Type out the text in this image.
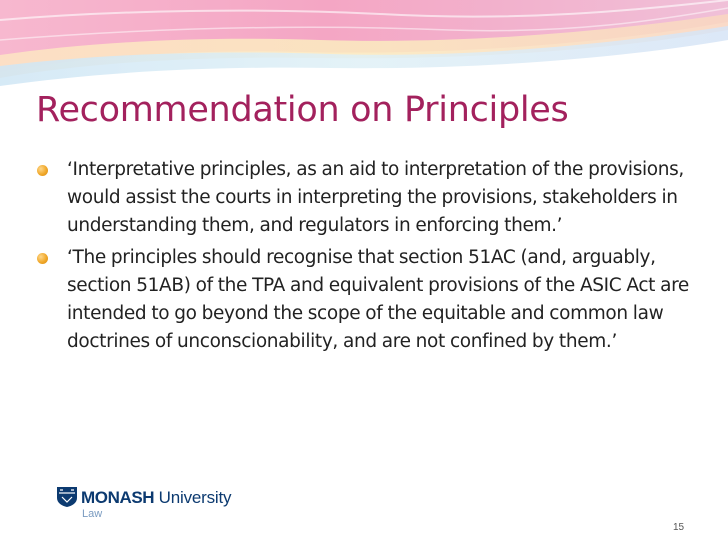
Recommendation on Principles
‘Interpretative principles, as an aid to interpretation of the provisions, would assist the courts in interpreting the provisions, stakeholders in understanding them, and regulators in enforcing them.’
‘The principles should recognise that section 51AC (and, arguably, section 51AB) of the TPA and equivalent provisions of the ASIC Act are intended to go beyond the scope of the equitable and common law doctrines of unconscionability, and are not confined by them.’
MONASH University
Law
15
